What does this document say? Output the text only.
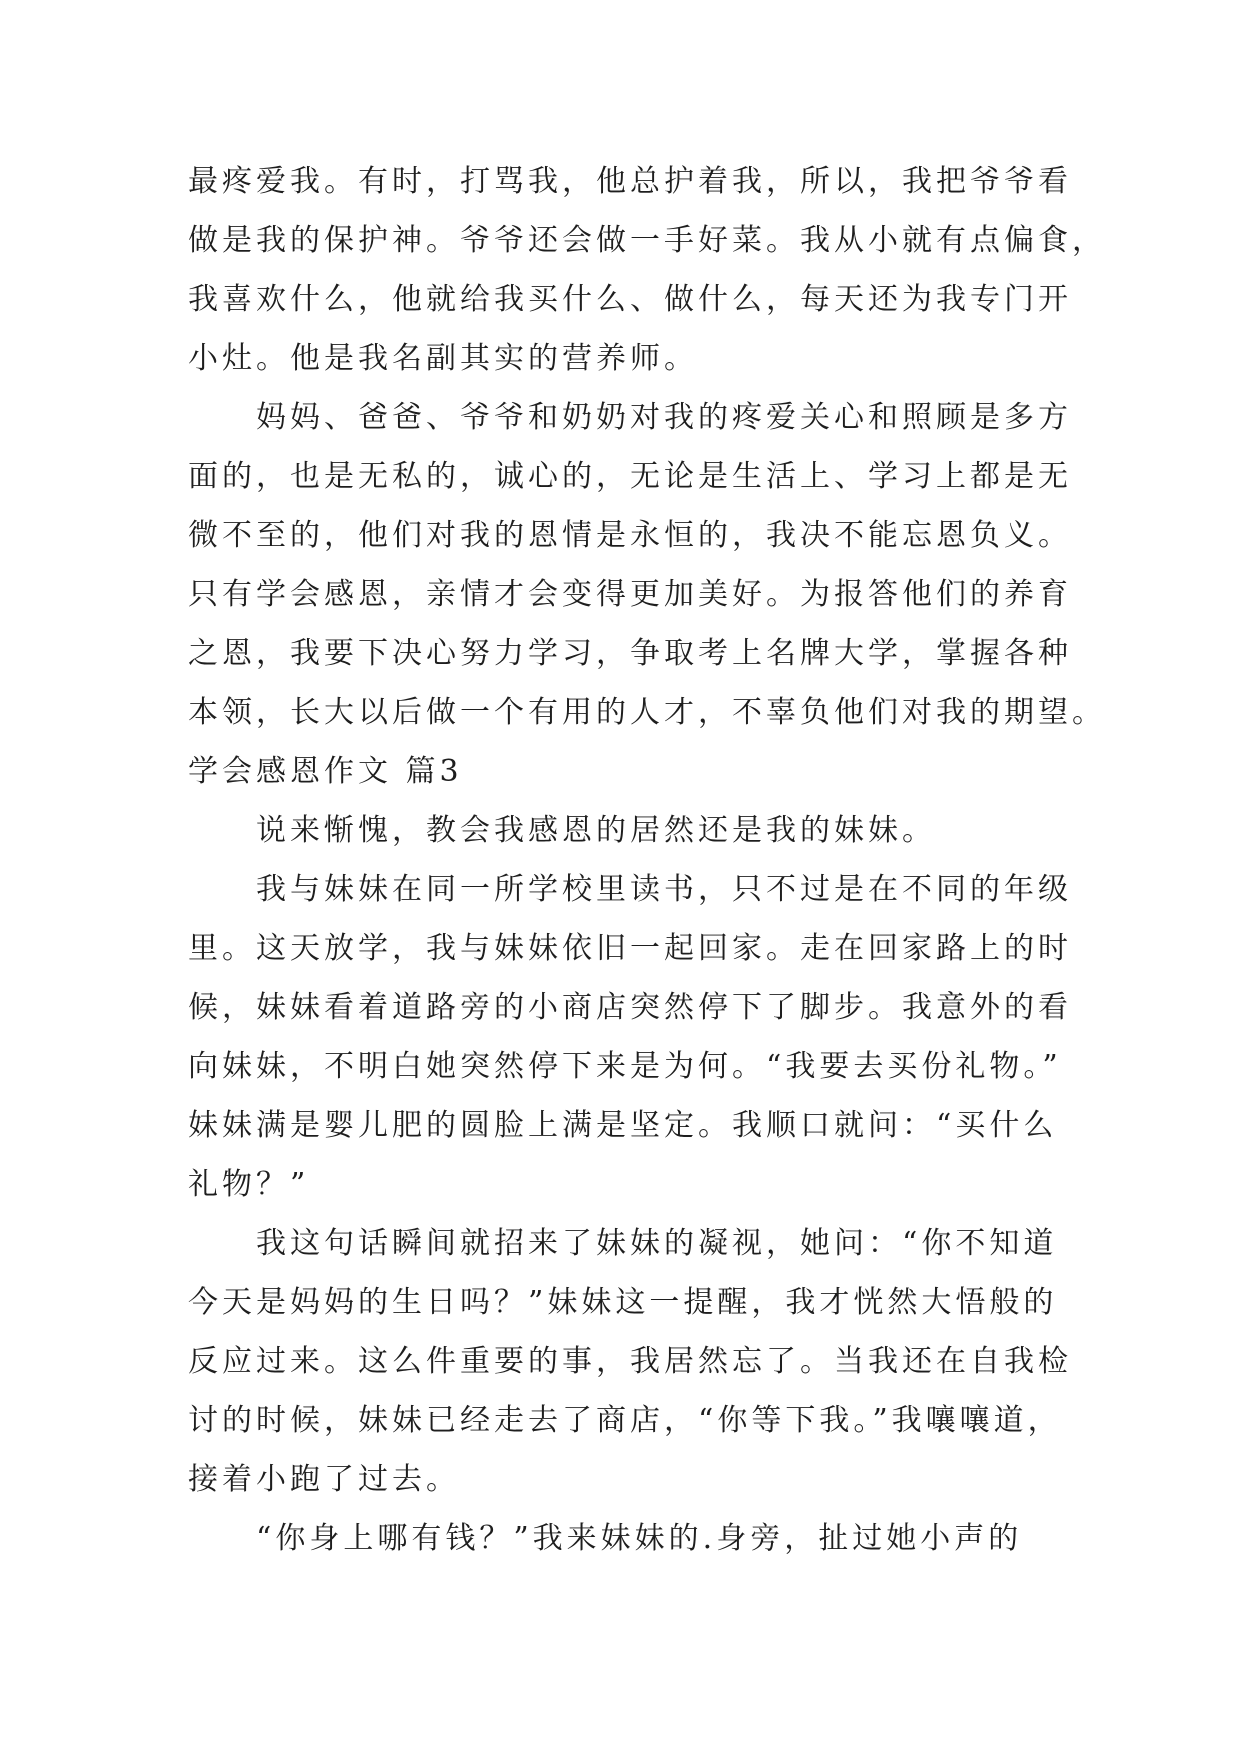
最疼爱我。有时，打骂我，他总护着我，所以，我把爷爷看
做是我的保护神。爷爷还会做一手好菜。我从小就有点偏食，
我喜欢什么，他就给我买什么、做什么，每天还为我专门开
小灶。他是我名副其实的营养师。
妈妈、爸爸、爷爷和奶奶对我的疼爱关心和照顾是多方
面的，也是无私的，诚心的，无论是生活上、学习上都是无
微不至的，他们对我的恩情是永恒的，我决不能忘恩负义。
只有学会感恩，亲情才会变得更加美好。为报答他们的养育
之恩，我要下决心努力学习，争取考上名牌大学，掌握各种
本领，长大以后做一个有用的人才，不辜负他们对我的期望。
学会感恩作文 篇3
说来惭愧，教会我感恩的居然还是我的妹妹。
我与妹妹在同一所学校里读书，只不过是在不同的年级
里。这天放学，我与妹妹依旧一起回家。走在回家路上的时
候，妹妹看着道路旁的小商店突然停下了脚步。我意外的看
向妹妹，不明白她突然停下来是为何。“我要去买份礼物。”
妹妹满是婴儿肥的圆脸上满是坚定。我顺口就问：“买什么
礼物？”
我这句话瞬间就招来了妹妹的凝视，她问：“你不知道
今天是妈妈的生日吗？”妹妹这一提醒，我才恍然大悟般的
反应过来。这么件重要的事，我居然忘了。当我还在自我检
讨的时候，妹妹已经走去了商店，“你等下我。”我嚷嚷道，
接着小跑了过去。
“你身上哪有钱？”我来妹妹的.身旁，扯过她小声的
